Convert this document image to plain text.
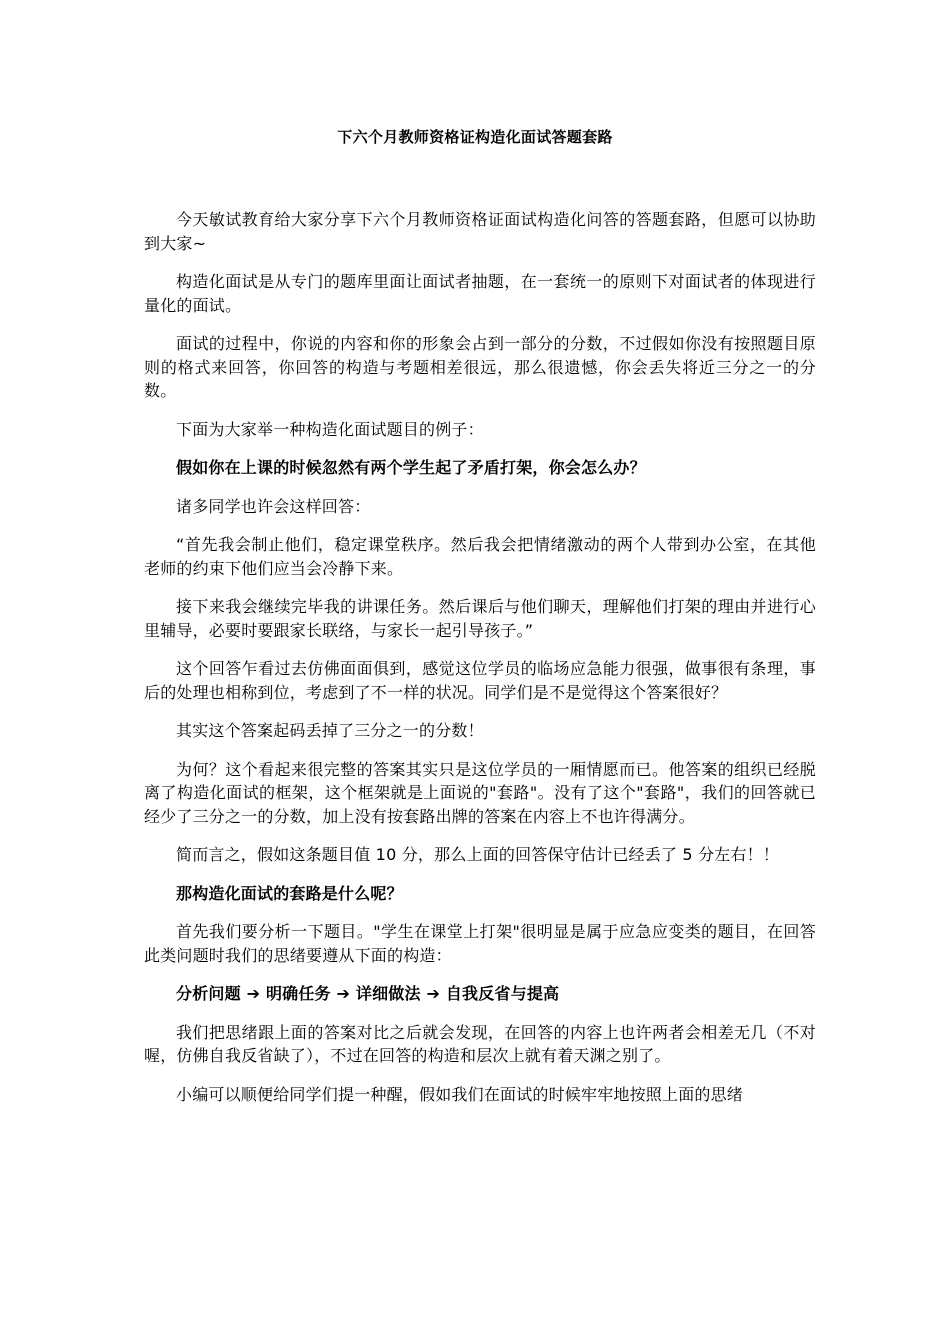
下六个月教师资格证构造化面试答题套路

今天敏试教育给大家分享下六个月教师资格证面试构造化问答的答题套路，但愿可以协助到大家~

构造化面试是从专门的题库里面让面试者抽题，在一套统一的原则下对面试者的体现进行量化的面试。

面试的过程中，你说的内容和你的形象会占到一部分的分数，不过假如你没有按照题目原则的格式来回答，你回答的构造与考题相差很远，那么很遗憾，你会丢失将近三分之一的分数。

下面为大家举一种构造化面试题目的例子：

假如你在上课的时候忽然有两个学生起了矛盾打架，你会怎么办？

诸多同学也许会这样回答：

“首先我会制止他们，稳定课堂秩序。然后我会把情绪激动的两个人带到办公室，在其他老师的约束下他们应当会冷静下来。

接下来我会继续完毕我的讲课任务。然后课后与他们聊天，理解他们打架的理由并进行心里辅导，必要时要跟家长联络，与家长一起引导孩子。”

这个回答乍看过去仿佛面面俱到，感觉这位学员的临场应急能力很强，做事很有条理，事后的处理也相称到位，考虑到了不一样的状况。同学们是不是觉得这个答案很好？

其实这个答案起码丢掉了三分之一的分数！

为何？这个看起来很完整的答案其实只是这位学员的一厢情愿而已。他答案的组织已经脱离了构造化面试的框架，这个框架就是上面说的"套路"。没有了这个"套路"，我们的回答就已经少了三分之一的分数，加上没有按套路出牌的答案在内容上不也许得满分。

简而言之，假如这条题目值 10 分，那么上面的回答保守估计已经丢了 5 分左右！！

那构造化面试的套路是什么呢？

首先我们要分析一下题目。"学生在课堂上打架"很明显是属于应急应变类的题目，在回答此类问题时我们的思绪要遵从下面的构造：

分析问题 ➔ 明确任务 ➔ 详细做法 ➔ 自我反省与提高

我们把思绪跟上面的答案对比之后就会发现，在回答的内容上也许两者会相差无几（不对喔，仿佛自我反省缺了），不过在回答的构造和层次上就有着天渊之别了。

小编可以顺便给同学们提一种醒，假如我们在面试的时候牢牢地按照上面的思绪
